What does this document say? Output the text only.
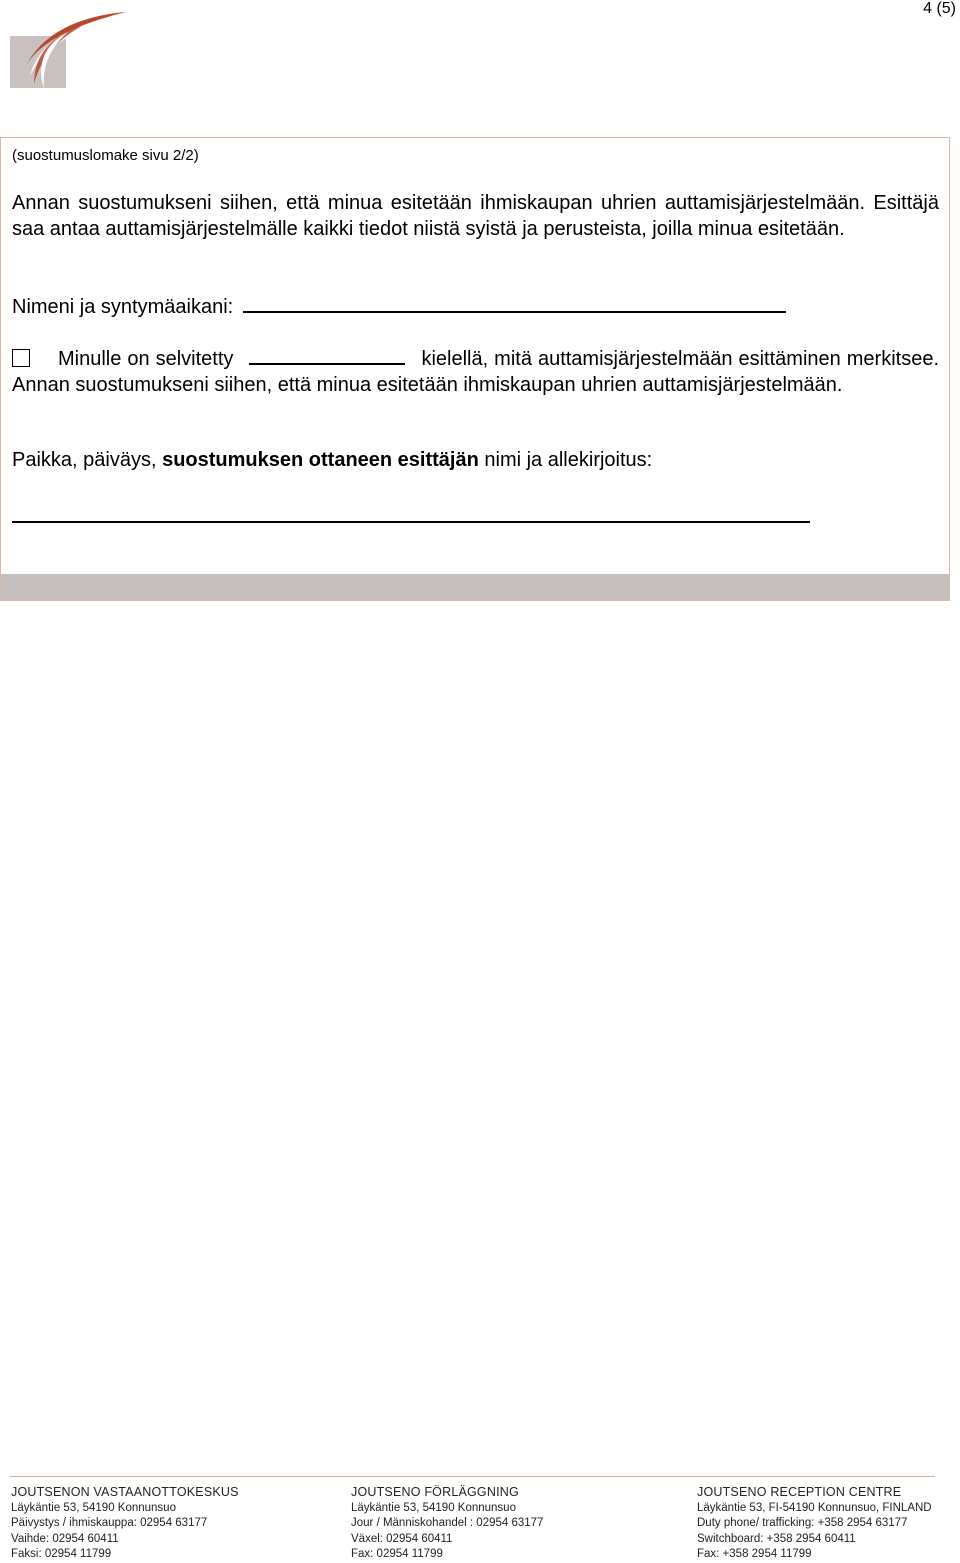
4 (5)
(suostumuslomake sivu 2/2)
Annan suostumukseni siihen, että minua esitetään ihmiskaupan uhrien auttamisjärjestelmään. Esittäjä saa antaa auttamisjärjestelmälle kaikki tiedot niistä syistä ja perusteista, joilla minua esitetään.
Nimeni ja syntymäaikani:
Minulle on selvitetty	kielellä, mitä auttamisjärjestelmään esittäminen merkitsee. Annan suostumukseni siihen, että minua esitetään ihmiskaupan uhrien auttamisjärjestelmään.
Paikka, päiväys, suostumuksen ottaneen esittäjän nimi ja allekirjoitus:
JOUTSENON VASTAANOTTOKESKUS
Läykäntie 53, 54190 Konnunsuo
Päivystys / ihmiskauppa: 02954 63177
Vaihde: 02954 60411
Faksi: 02954 11799
JOUTSENO FÖRLÄGGNING
Läykäntie 53, 54190 Konnunsuo
Jour / Människohandel : 02954 63177
Växel: 02954 60411
Fax: 02954 11799
JOUTSENO RECEPTION CENTRE
Läykäntie 53, FI-54190 Konnunsuo, FINLAND
Duty phone/ trafficking: +358 2954 63177
Switchboard: +358 2954 60411
Fax: +358 2954 11799
